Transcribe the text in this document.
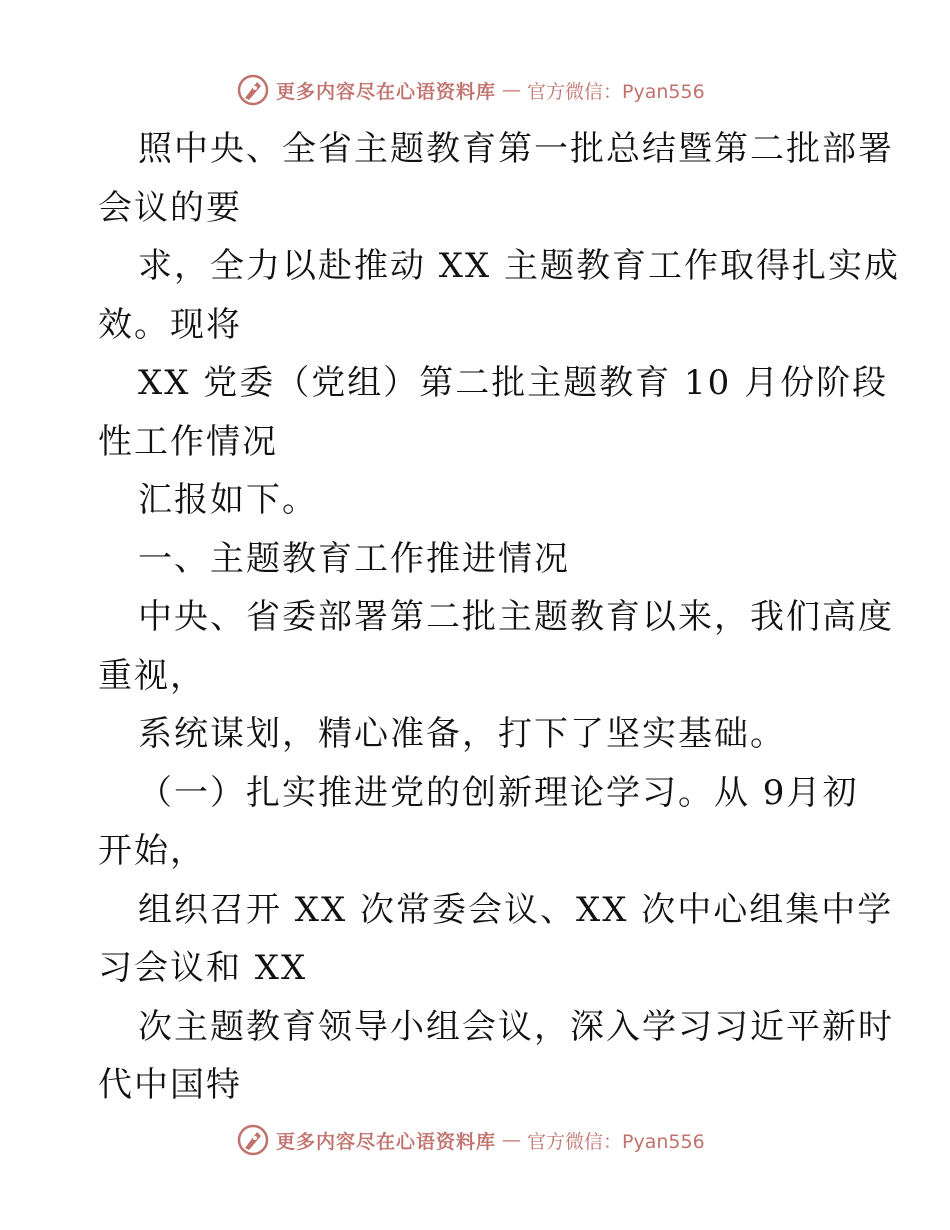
更多内容尽在心语资料库 — 官方微信：Pyan556
照中央、全省主题教育第一批总结暨第二批部署
会议的要
求，全力以赴推动 XX 主题教育工作取得扎实成
效。现将
XX 党委（党组）第二批主题教育 10 月份阶段
性工作情况
汇报如下。
一、主题教育工作推进情况
中央、省委部署第二批主题教育以来，我们高度
重视，
系统谋划，精心准备，打下了坚实基础。
（一）扎实推进党的创新理论学习。从 9月初
开始，
组织召开 XX 次常委会议、XX 次中心组集中学
习会议和 XX
次主题教育领导小组会议，深入学习习近平新时
代中国特
更多内容尽在心语资料库 — 官方微信：Pyan556
